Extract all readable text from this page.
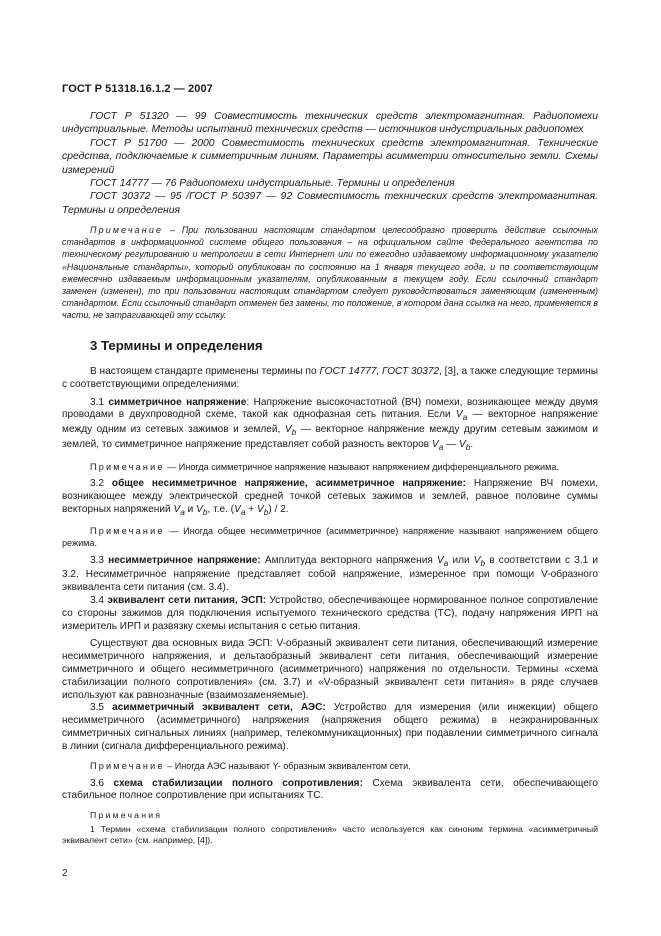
ГОСТ Р 51318.16.1.2 — 2007

ГОСТ Р 51320 — 99 Совместимость технических средств электромагнитная. Радиопомехи индустриальные. Методы испытаний технических средств — источников индустриальных радиопомех

ГОСТ Р 51700 — 2000 Совместимость технических средств электромагнитная. Технические средства, подключаемые к симметричным линиям. Параметры асимметрии относительно земли. Схемы измерений

ГОСТ 14777 — 76 Радиопомехи индустриальные. Термины и определения

ГОСТ 30372 — 95 /ГОСТ Р 50397 — 92 Совместимость технических средств электромагнитная. Термины и определения

Примечание – При пользовании настоящим стандартом целесообразно проверить действие ссылочных стандартов в информационной системе общего пользования – на официальном сайте Федерального агентства по техническому регулированию и метрологии в сети Интернет или по ежегодно издаваемому информационному указателю «Национальные стандарты», который опубликован по состоянию на 1 января текущего года, и по соответствующим ежемесячно издаваемым информационным указателям, опубликованным в текущем году. Если ссылочный стандарт заменен (изменен), то при пользовании настоящим стандартом следует руководствоваться заменяющим (измененным) стандартом. Если ссылочный стандарт отменен без замены, то положение, в котором дана ссылка на него, применяется в части, не затрагивающей эту ссылку.

3 Термины и определения

В настоящем стандарте применены термины по ГОСТ 14777, ГОСТ 30372, [3], а также следующие термины с соответствующими определениями:

3.1 симметричное напряжение: Напряжение высокочастотной (ВЧ) помехи, возникающее между двумя проводами в двухпроводной схеме, такой как однофазная сеть питания. Если $V_a$ — векторное напряжение между одним из сетевых зажимов и землей, $V_b$ — векторное напряжение между другим сетевым зажимом и землей, то симметричное напряжение представляет собой разность векторов $V_a$ — $V_b$.

Примечание — Иногда симметричное напряжение называют напряжением дифференциального режима.

3.2 общее несимметричное напряжение, асимметричное напряжение: Напряжение ВЧ помехи, возникающее между электрической средней точкой сетевых зажимов и землей, равное половине суммы векторных напряжений $V_a$ и $V_b$, т.е. $(V_a + V_b) / 2$.

Примечание — Иногда общее несимметричное (асимметричное) напряжение называют напряжением общего режима.

3.3 несимметричное напряжение: Амплитуда векторного напряжения $V_a$ или $V_b$ в соответствии с 3.1 и 3.2. Несимметричное напряжение представляет собой напряжение, измеренное при помощи V-образного эквивалента сети питания (см. 3.4).

3.4 эквивалент сети питания, ЭСП: Устройство, обеспечивающее нормированное полное сопротивление со стороны зажимов для подключения испытуемого технического средства (ТС), подачу напряжения ИРП на измеритель ИРП и развязку схемы испытания с сетью питания.

Существуют два основных вида ЭСП: V-образный эквивалент сети питания, обеспечивающий измерение несимметричного напряжения, и дельтаобразный эквивалент сети питания, обеспечивающий измерение симметричного и общего несимметричного (асимметричного) напряжения по отдельности. Термины «схема стабилизации полного сопротивления» (см. 3.7) и «V-образный эквивалент сети питания» в ряде случаев используют как равнозначные (взаимозаменяемые).

3.5 асимметричный эквивалент сети, АЭС: Устройство для измерения (или инжекции) общего несимметричного (асимметричного) напряжения (напряжения общего режима) в неэкранированных симметричных сигнальных линиях (например, телекоммуникационных) при подавлении симметричного сигнала в линии (сигнала дифференциального режима).

Примечание – Иногда АЭС называют Y- образным эквивалентом сети.

3.6 схема стабилизации полного сопротивления: Схема эквивалента сети, обеспечивающего стабильное полное сопротивление при испытаниях ТС.

Примечания

1 Термин «схема стабилизации полного сопротивления» часто используется как синоним термина «асимметричный эквивалент сети» (см. например, [4]).

2
